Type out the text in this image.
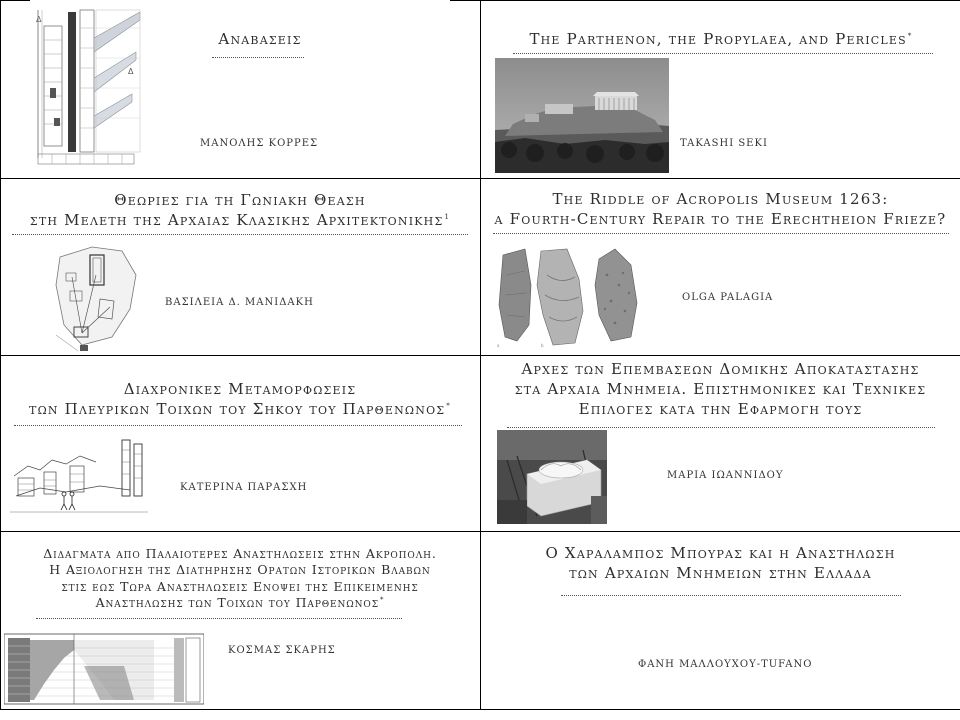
Δ
Δ
Αναβασεις
ΜΑΝΟΛΗΣ ΚΟΡΡΕΣ
The Parthenon, the Propylaea, and Pericles*
TAKASHI SEKI
Θεωριες για τη Γωνιακη Θεαση
στη Μελετη της Αρχαιας Κλασικης Αρχιτεκτονικης$^1$
ΒΑΣΙΛΕΙΑ Δ. ΜΑΝΙΔΑΚΗ
The Riddle of Acropolis Museum 1263:
a Fourth-Century Repair to the Erechtheion Frieze?
a	b
OLGA PALAGIA
Διαχρονικες Μεταμορφωσεις
των Πλευρικων Τοιχων του Σηκου του Παρθενωνος*
ΚΑΤΕΡΙΝΑ ΠΑΡΑΣΧΗ
Αρχες των Επεμβασεων Δομικης Αποκαταστασης
στα Αρχαια Μνημεια. Επιστημονικες και Τεχνικες
Επιλογες κατα την Εφαρμογη τους
ΜΑΡΙΑ ΙΩΑΝΝΙΔΟΥ
Διδαγματα απο Παλαιοτερες Αναστηλωσεις στην Ακροπολη.
Η Αξιολογηση της Διατηρησης Ορατων Ιστορικων Βλαβων
στις εως Τωρα Αναστηλωσεις Ενοψει της Επικειμενης
Αναστηλωσης των Τοιχων του Παρθενωνος*
ΚΟΣΜΑΣ ΣΚΑΡΗΣ
Ο Χαραλαμπος Μπουρας και η Αναστηλωση
των Αρχαιων Μνημειων στην Ελλαδα
ΦΑΝΗ ΜΑΛΛΟΥΧΟΥ-TUFANO
